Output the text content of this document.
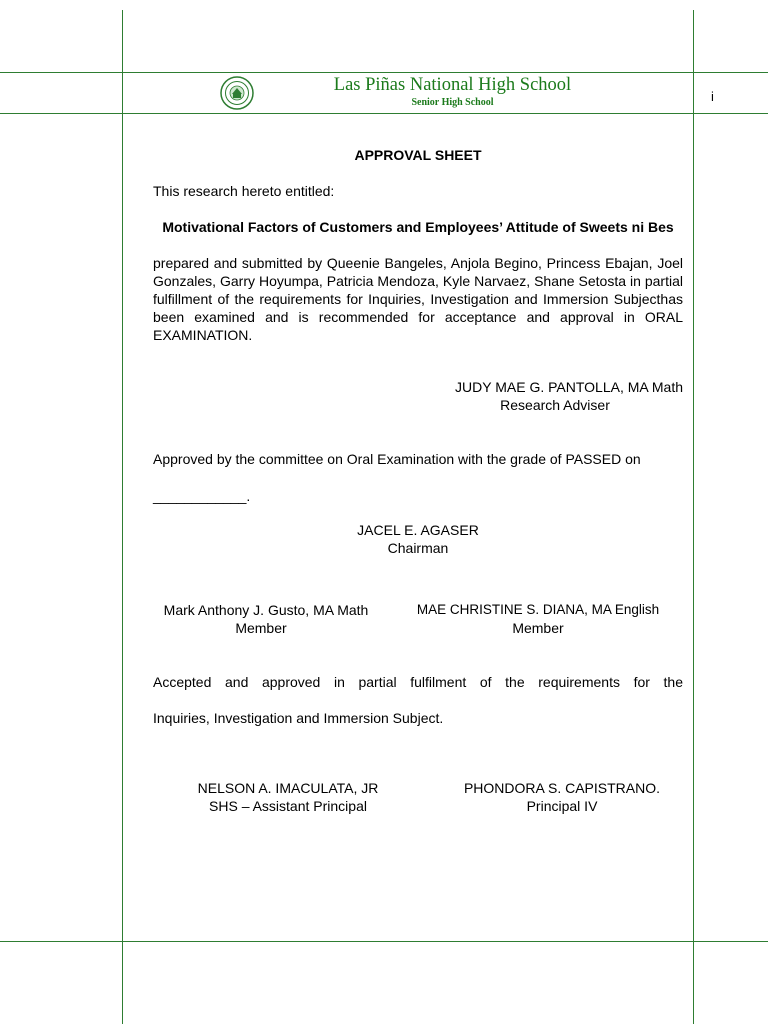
Las Piñas National High School
Senior High School	i
APPROVAL SHEET
This research hereto entitled:
Motivational Factors of Customers and Employees’ Attitude of Sweets ni Bes
prepared and submitted by Queenie Bangeles, Anjola Begino, Princess Ebajan, Joel Gonzales, Garry Hoyumpa, Patricia Mendoza, Kyle Narvaez, Shane Setosta in partial fulfillment of the requirements for Inquiries, Investigation and Immersion Subjecthas been examined and is recommended for acceptance and approval in ORAL EXAMINATION.
JUDY MAE G. PANTOLLA, MA Math
Research Adviser
Approved by the committee on Oral Examination with the grade of PASSED on
____________.
JACEL E. AGASER
Chairman
Mark Anthony J. Gusto, MA Math
Member
MAE CHRISTINE S. DIANA, MA English
Member
Accepted and approved in partial fulfilment of the requirements for the
Inquiries, Investigation and Immersion Subject.
NELSON A. IMACULATA, JR
SHS – Assistant Principal
PHONDORA S. CAPISTRANO.
Principal IV
